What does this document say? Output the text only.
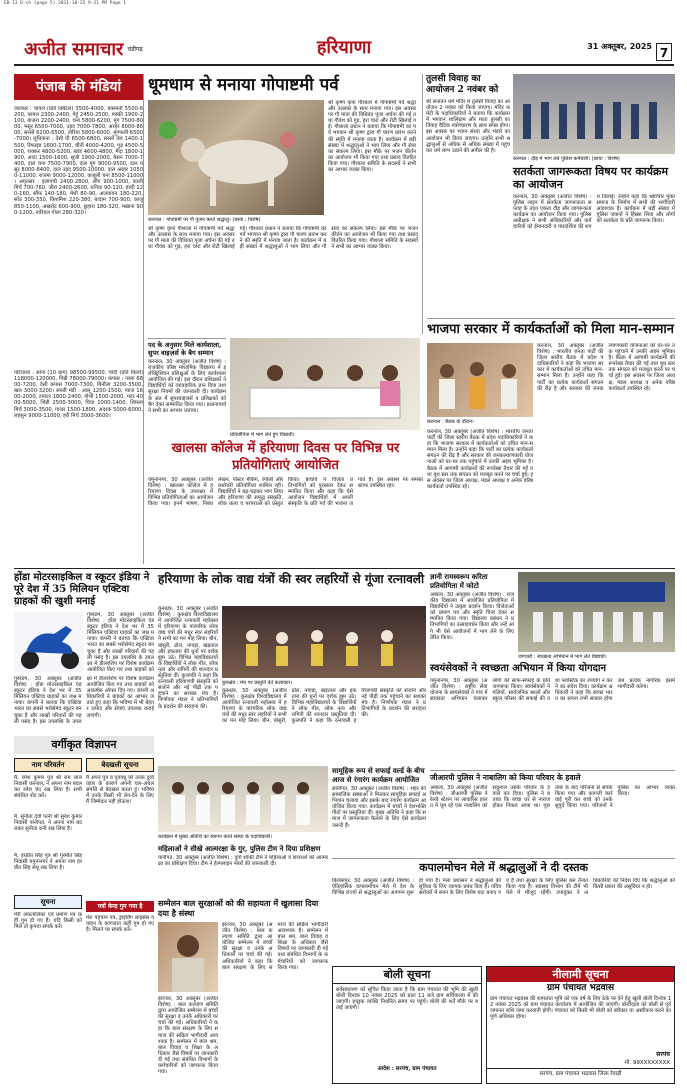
EB-13 D-ch (page 5) 2011-10-25 9:31 PM Page 1
अजीत समाचार चंडीगढ़	हरियाणा	31 अक्तूबर, 2025 7
पंजाब की मंडियां
जालंधर : चावल (प्रति क्विंटल) 3500-4000, बासमती 5500-6200, परमल 2300-2400, गेहूं 2450-2500, मक्की 1900-2100, बाजरा 2200-2400, चना 5800-6200, मूंग 7500-8000, मसूर 6500-7000, उड़द 7000-7800, अरहर 8000-8600, सरसों 6200-6500, तोरिया 5800-6000, मूंगफली 6500-7000। लुधियाना : देसी घी 6500-6800, सरसों तेल 1400-1500, रिफाइंड 1600-1700, चीनी 4000-4200, गुड़ 4500-5000, शक्कर 4800-5200, खांड 4600-4800, मैदा 1800-1900, आटा 1500-1600, सूजी 1900-2000, बेसन 7000-7400, दाल चना 7500-7900, दाल मूंग 9000-9500, दाल मसूर 8000-8400, दाल उड़द 9500-10000, दाल अरहर 10500-11000, राजमा 9000-12000, काबुली चना 8500-11000। अमृतसर : इलायची 2400-2800, लौंग 900-1000, काली मिर्च 700-760, जीरा 2400-2600, धनिया 90-120, हल्दी 120-160, सौंफ 140-180, मेथी 80-90, अजवायन 180-220, सोंठ 300-350, किशमिश 220-380, बादाम 700-900, काजू 850-1100, अखरोट 600-900, छुहारा 180-320, मखाना 900-1200, नारियल गोला 280-320।
पटियाला : सोना (10 ग्राम) 98500-99500, चांदी (प्रति किलो) 118000-120000, गिन्नी 78000-79000। कपास : नरमा 6800-7200, देसी कपास 7000-7300, बिनौला 3200-3500, खल 3000-3200। सब्जी मंडी : आलू 1200-1500, प्याज 1600-2000, टमाटर 1800-2400, गोभी 1500-2000, मटर 4000-5000, भिंडी 2500-3000, घिया 1000-1400, शिमला मिर्च 3000-3500, गाजर 1500-1800, अदरक 5000-6000, लहसुन 9000-11000, हरी मिर्च 3000-3600।
धूमधाम से मनाया गोपाष्टमी पर्व
श्री कृष्ण कृपा गौशाला में गोपाष्टमी पर्व श्रद्धा और उल्लास के साथ मनाया गया। इस अवसर पर गौ माता की विधिवत पूजा अर्चना की गई तथा गौवंश को गुड़, हरा चारा और रोटी खिलाई गई। गौशाला प्रधान ने बताया कि गोपाष्टमी का पर्व भगवान श्री कृष्ण द्वारा गौ चारण प्रारंभ करने की स्मृति में मनाया जाता है। कार्यक्रम में बड़ी संख्या में श्रद्धालुओं ने भाग लिया और गौ सेवा का संकल्प लिया। इस मौके पर भजन कीर्तन का आयोजन भी किया गया तथा प्रसाद वितरित किया गया। गौशाला समिति के सदस्यों ने सभी का आभार व्यक्त किया।
करनाल : गोपाष्टमी पर गौ पूजन करते श्रद्धालु। (छाया : विशेष)
श्री कृष्ण कृपा गौशाला में गोपाष्टमी पर्व श्रद्धा और उल्लास के साथ मनाया गया। इस अवसर पर गौ माता की विधिवत पूजा अर्चना की गई तथा गौवंश को गुड़, हरा चारा और रोटी खिलाई गई। गौशाला प्रधान ने बताया कि गोपाष्टमी का पर्व भगवान श्री कृष्ण द्वारा गौ चारण प्रारंभ करने की स्मृति में मनाया जाता है। कार्यक्रम में बड़ी संख्या में श्रद्धालुओं ने भाग लिया और गौ सेवा का संकल्प लिया। इस मौके पर भजन कीर्तन का आयोजन भी किया गया तथा प्रसाद वितरित किया गया। गौशाला समिति के सदस्यों ने सभी का आभार व्यक्त किया।
तुलसी विवाह का आयोजन 2 नवंबर को
श्री सनातन धर्म मंदिर में तुलसी विवाह का आयोजन 2 नवंबर को किया जाएगा। मंदिर कमेटी के पदाधिकारियों ने बताया कि कार्यक्रम में भगवान शालिग्राम और माता तुलसी का विवाह वैदिक मंत्रोच्चारण के साथ संपन्न होगा। इस अवसर पर भजन संध्या और भंडारे का आयोजन भी किया जाएगा। उन्होंने सभी श्रद्धालुओं से अधिक से अधिक संख्या में पहुंचकर धर्म लाभ उठाने की अपील की है।
करनाल : दौड़ में भाग लेते पुलिस कर्मचारी। (छाया : विशेष)
सतर्कता जागरूकता विषय पर कार्यक्रम का आयोजन
करनाल, 30 अक्तूबर (अजीत विशेष) : पुलिस लाइन में सतर्कता जागरूकता सप्ताह के तहत एकता दौड़ और जागरूकता कार्यक्रम का आयोजन किया गया। पुलिस अधीक्षक ने सभी अधिकारियों और कर्मचारियों को ईमानदारी व पारदर्शिता की शपथ दिलाई। उन्होंने कहा कि भ्रष्टाचार मुक्त समाज के निर्माण में सभी की भागीदारी आवश्यक है। कार्यक्रम में बड़ी संख्या में पुलिस जवानों ने हिस्सा लिया और लोगों को सतर्कता के प्रति जागरूक किया।
भाजपा सरकार में कार्यकर्ताओं को मिला मान-सम्मान
करनाल : बैठक के दौरान।
करनाल, 30 अक्तूबर (अजीत विशेष) : भारतीय जनता पार्टी की जिला स्तरीय बैठक में प्रदेश पदाधिकारियों ने कहा कि भाजपा सरकार में कार्यकर्ताओं को उचित मान-सम्मान मिला है। उन्होंने कहा कि पार्टी का प्रत्येक कार्यकर्ता संगठन की रीढ़ है और सरकार की जनकल्याणकारी योजनाओं को घर-घर तक पहुंचाने में उनकी अहम भूमिका है। बैठक में आगामी कार्यक्रमों की रूपरेखा तैयार की गई तथा बूथ स्तर तक संगठन को मजबूत करने पर चर्चा हुई। इस अवसर पर जिला अध्यक्ष, मंडल अध्यक्ष व अनेक वरिष्ठ कार्यकर्ता उपस्थित रहे।
करनाल, 30 अक्तूबर (अजीत विशेष) : भारतीय जनता पार्टी की जिला स्तरीय बैठक में प्रदेश पदाधिकारियों ने कहा कि भाजपा सरकार में कार्यकर्ताओं को उचित मान-सम्मान मिला है। उन्होंने कहा कि पार्टी का प्रत्येक कार्यकर्ता संगठन की रीढ़ है और सरकार की जनकल्याणकारी योजनाओं को घर-घर तक पहुंचाने में उनकी अहम भूमिका है। बैठक में आगामी कार्यक्रमों की रूपरेखा तैयार की गई तथा बूथ स्तर तक संगठन को मजबूत करने पर चर्चा हुई। इस अवसर पर जिला अध्यक्ष, मंडल अध्यक्ष व अनेक वरिष्ठ कार्यकर्ता उपस्थित रहे।
पद के अनुसार मिले कार्यशाला, सुपर वाइज़र्स के बैग सम्मान
करनाल, 30 अक्तूबर (अजीत विशेष) : राजकीय वरिष्ठ माध्यमिक विद्यालय में इलेक्ट्रिशियन प्रशिक्षुओं के लिए कार्यशाला आयोजित की गई। इस दौरान प्रशिक्षकों ने विद्यार्थियों को व्यावहारिक ज्ञान दिया तथा सुरक्षा नियमों की जानकारी दी। कार्यक्रम के अंत में सुपरवाइजर्स व प्रशिक्षकों को बैग देकर सम्मानित किया गया। प्रधानाचार्य ने सभी का आभार जताया।
प्रतियोगिता में भाग लेते हुए विद्यार्थी।
खालसा कॉलेज में हरियाणा दिवस पर विभिन्न पर प्रतियोगिताएं आयोजित
यमुनानगर, 30 अक्तूबर (अजीत विशेष) : खालसा कॉलेज में हरियाणा दिवस के उपलक्ष्य में विभिन्न प्रतियोगिताओं का आयोजन किया गया। इनमें भाषण, निबंध लेखन, पोस्टर मेकिंग, रंगोली और प्रश्नोत्तरी प्रतियोगिता शामिल रही। विद्यार्थियों ने बढ़-चढ़कर भाग लिया और हरियाणा की समृद्ध संस्कृति, लोक कला व परंपराओं को प्रस्तुत किया। प्राचार्य ने विजेता प्रतिभागियों को पुरस्कार देकर सम्मानित किया और कहा कि ऐसे आयोजन विद्यार्थियों में अपनी संस्कृति के प्रति गर्व की भावना जगाते हैं। इस अवसर पर समस्त स्टाफ उपस्थित रहा।
होंडा मोटरसाइकिल व स्कूटर इंडिया ने पूरे देश में 35 मिलियन एक्टिवा ग्राहकों की खुशी मनाई
गुरुग्राम, 30 अक्तूबर (अजीत विशेष) : होंडा मोटरसाइकिल एंड स्कूटर इंडिया ने देश भर में 35 मिलियन एक्टिवा ग्राहकों का जश्न मनाया। कंपनी ने बताया कि एक्टिवा भारत का सबसे भरोसेमंद स्कूटर बन चुका है और लाखों परिवारों की पहली पसंद है। इस उपलब्धि के उपलक्ष्य में डीलरशिप पर विशेष कार्यक्रम आयोजित किए गए तथा ग्राहकों को
गुरुग्राम, 30 अक्तूबर (अजीत विशेष) : होंडा मोटरसाइकिल एंड स्कूटर इंडिया ने देश भर में 35 मिलियन एक्टिवा ग्राहकों का जश्न मनाया। कंपनी ने बताया कि एक्टिवा भारत का सबसे भरोसेमंद स्कूटर बन चुका है और लाखों परिवारों की पहली पसंद है। इस उपलब्धि के उपलक्ष्य में डीलरशिप पर विशेष कार्यक्रम आयोजित किए गए तथा ग्राहकों को आकर्षक ऑफर दिए गए। कंपनी अधिकारियों ने ग्राहकों का आभार जताते हुए कहा कि भविष्य में भी बेहतर उत्पाद और सेवाएं उपलब्ध कराई जाएंगी।
हरियाणा के लोक वाद्य यंत्रों की स्वर लहरियों से गूंजा रत्नावली
कुरुक्षेत्र, 30 अक्तूबर (अजीत विशेष) : कुरुक्षेत्र विश्वविद्यालय में आयोजित रत्नावली महोत्सव में हरियाणा के पारंपरिक लोक वाद्य यंत्रों की मधुर स्वर लहरियों ने सभी का मन मोह लिया। बीन, बांसुरी, ढोल, नगाड़ा, खड़ताल और इकतारा की धुनों पर दर्शक झूम उठे। विभिन्न महाविद्यालयों के विद्यार्थियों ने लोक गीत, लोक नृत्य और रागिनी की शानदार प्रस्तुतियां दीं। कुलपति ने कहा कि रत्नावली हरियाणवी संस्कृति को संजोने और नई पीढ़ी तक पहुंचाने का सशक्त मंच है। निर्णायक मंडल ने प्रतिभागियों के प्रदर्शन की सराहना की।
कुरुक्षेत्र : मंच पर प्रस्तुति देते कलाकार।
कुरुक्षेत्र, 30 अक्तूबर (अजीत विशेष) : कुरुक्षेत्र विश्वविद्यालय में आयोजित रत्नावली महोत्सव में हरियाणा के पारंपरिक लोक वाद्य यंत्रों की मधुर स्वर लहरियों ने सभी का मन मोह लिया। बीन, बांसुरी, ढोल, नगाड़ा, खड़ताल और इकतारा की धुनों पर दर्शक झूम उठे। विभिन्न महाविद्यालयों के विद्यार्थियों ने लोक गीत, लोक नृत्य और रागिनी की शानदार प्रस्तुतियां दीं। कुलपति ने कहा कि रत्नावली हरियाणवी संस्कृति को संजोने और नई पीढ़ी तक पहुंचाने का सशक्त मंच है। निर्णायक मंडल ने प्रतिभागियों के प्रदर्शन की सराहना की।
ज्ञानी रामस्वरूप करिता प्रतियोगिता में फोटो
अंबाला, 30 अक्तूबर (अजीत विशेष) : राजकीय विद्यालय में आयोजित प्रतियोगिता में विद्यार्थियों ने उत्कृष्ट प्रदर्शन किया। विजेताओं को प्रमाण पत्र और स्मृति चिन्ह देकर सम्मानित किया गया। विद्यालय प्रबंधन ने प्रतिभागियों का उत्साहवर्धन किया और उन्हें आगे भी ऐसे आयोजनों में भाग लेने के लिए प्रेरित किया।
जगाधरी : स्वच्छता अभियान में भाग लेते विद्यार्थी।
स्वयंसेवकों ने स्वच्छता अभियान में किया योगदान
यमुनानगर, 30 अक्तूबर (अजीत विशेष) : राष्ट्रीय सेवा योजना के स्वयंसेवकों ने गांव में स्वच्छता अभियान चलाकर लोगों को साफ-सफाई के प्रति जागरूक किया। स्वयंसेवकों ने गलियों, सार्वजनिक स्थलों और स्कूल परिसर की सफाई की तथा प्लास्टिक का उपयोग न करने का संदेश दिया। कार्यक्रम अधिकारी ने कहा कि स्वच्छ भारत का सपना तभी साकार होगा जब प्रत्येक नागरिक इसमें भागीदारी करेगा।
जीआरपी पुलिस ने नाबालिग को किया परिवार के हवाले
अंबाला, 30 अक्तूबर (अजीत विशेष) : जीआरपी पुलिस ने रेलवे स्टेशन पर लावारिस हालत में घूम रहे एक नाबालिग को सकुशल उसके परिवार के हवाले कर दिया। पुलिस ने बताया कि बच्चा घर से नाराज होकर निकल आया था। पूछताछ के बाद परिजनों से संपर्क किया गया और कागजी कार्रवाई पूरी कर बच्चे को उनके सुपुर्द किया गया। परिजनों ने पुलिस का आभार व्यक्त किया।
वर्गीकृत विज्ञापन
नाम परिवर्तन
मैं, रमेश कुमार पुत्र श्री राम लाल निवासी करनाल, ने अपना नाम बदलकर रमेश चंद रख लिया है। सभी संबंधित नोट करें।
मैं, सुनीता देवी पत्नी श्री सुरेश कुमार निवासी पानीपत, ने अपना नाम बदलकर सुनीता रानी रख लिया है।
मैं, हरप्रीत सिंह पुत्र श्री गुरमीत सिंह निवासी यमुनानगर ने अपना नाम हरप्रीत सिंह संधू रख लिया है।
सूचना
मेरी अंकतालिका एवं प्रमाण पत्र कहीं गुम हो गए हैं। यदि किसी को मिलें तो कृपया संपर्क करें।
बेदखली सूचना
मैं अपने पुत्र व पुत्रवधू को उनके दुर्व्यवहार के कारण अपनी चल-अचल संपत्ति से बेदखल करता हूं। भविष्य में उनके किसी भी लेन-देन के लिए मैं जिम्मेदार नहीं होऊंगा।
पत्रों केन्द्र गुम गया है
मेरा पहचान पत्र, ड्राइविंग लाइसेंस व वाहन के कागजात कहीं गुम हो गए हैं। मिलने पर संपर्क करें।
कार्यक्रम में मुख्य अतिथि का स्वागत करते संस्था के पदाधिकारी।
सामूहिक रूप से सफाई वर्ल्ड के बीच आज से रंगारंग कार्यक्रम आयोजित
सोनीपत, 30 अक्तूबर (अजीत विशेष) : शहर की सामाजिक संस्थाओं ने मिलकर सामूहिक सफाई अभियान चलाया और इसके बाद रंगारंग कार्यक्रम आयोजित किया गया। कार्यक्रम में बच्चों ने देशभक्ति गीतों पर प्रस्तुतियां दीं। मुख्य अतिथि ने कहा कि समाज में जागरूकता फैलाने के लिए ऐसे कार्यक्रम जरूरी हैं।
कपालमोचन मेले में श्रद्धालुओं ने दी दस्तक
बिलासपुर, 30 अक्तूबर (अजीत विशेष) : ऐतिहासिक कपालमोचन मेले में देश के विभिन्न राज्यों से श्रद्धालुओं का आगमन शुरू हो गया है। मेला प्रशासन ने श्रद्धालुओं की सुविधा के लिए व्यापक प्रबंध किए हैं। पवित्र सरोवरों में स्नान के लिए विशेष घाट बनाए गए हैं तथा सुरक्षा के लिए पुलिस बल तैनात किया गया है। स्वास्थ्य विभाग की टीमें भी मेले में मौजूद रहेंगी। उपायुक्त ने अधिकारियों को निर्देश दिए कि श्रद्धालुओं को किसी प्रकार की असुविधा न हो।
महिलाओं ने सीखे आत्मरक्षा के गुर, पुलिस टीम ने दिया प्रशिक्षण
पानीपत, 30 अक्तूबर (अजीत विशेष) : दुर्गा शक्ति टीम ने महिलाओं व छात्राओं को आत्मरक्षा का प्रशिक्षण दिया। टीम ने हेल्पलाइन नंबरों की जानकारी दी।
सम्मेलन बाल सुरक्षाओं को की सहायता में खुलासा दिया दया है संस्था
झज्जर, 30 अक्तूबर (अजीत विशेष) : बाल कल्याण समिति द्वारा आयोजित सम्मेलन में बच्चों की सुरक्षा व उनके अधिकारों पर चर्चा की गई। अधिकारियों ने कहा कि बाल संरक्षण के लिए समाज की सक्रिय भागीदारी आवश्यक है। सम्मेलन में बाल श्रम, बाल विवाह व शिक्षा के अधिकार जैसे विषयों पर जानकारी दी गई तथा संबंधित विभागों के कर्मचारियों को जागरूक किया गया।
झज्जर, 30 अक्तूबर (अजीत विशेष) : बाल कल्याण समिति द्वारा आयोजित सम्मेलन में बच्चों की सुरक्षा व उनके अधिकारों पर चर्चा की गई। अधिकारियों ने कहा कि बाल संरक्षण के लिए समाज की सक्रिय भागीदारी आवश्यक है। सम्मेलन में बाल श्रम, बाल विवाह व शिक्षा के अधिकार जैसे विषयों पर जानकारी दी गई तथा संबंधित विभागों के कर्मचारियों को जागरूक किया गया।
बोली सूचना
सर्वसाधारण को सूचित किया जाता है कि ग्राम पंचायत की भूमि की खुली बोली दिनांक 10 नवंबर 2025 को प्रातः 11 बजे ग्राम सचिवालय में की जाएगी। इच्छुक व्यक्ति निर्धारित समय पर पहुंचें। बोली की शर्तें मौके पर बताई जाएंगी।
आदेश : सरपंच, ग्राम पंचायत
नीलामी सूचना
ग्राम पंचायत भद्रवास
ग्राम पंचायत भद्रवास की शामलात भूमि को एक वर्ष के लिए ठेके पर देने हेतु खुली बोली दिनांक 12 नवंबर 2025 को ग्राम पंचायत कार्यालय में आयोजित की जाएगी। बोलीदाता को बोली से पूर्व जमानत राशि जमा करवानी होगी। पंचायत को किसी भी बोली को स्वीकार या अस्वीकार करने का पूर्ण अधिकार होगा।
सरपंच
मो. 99XXXXXXXX
सरपंच, ग्राम पंचायत भद्रवास जिला रेवाड़ी
